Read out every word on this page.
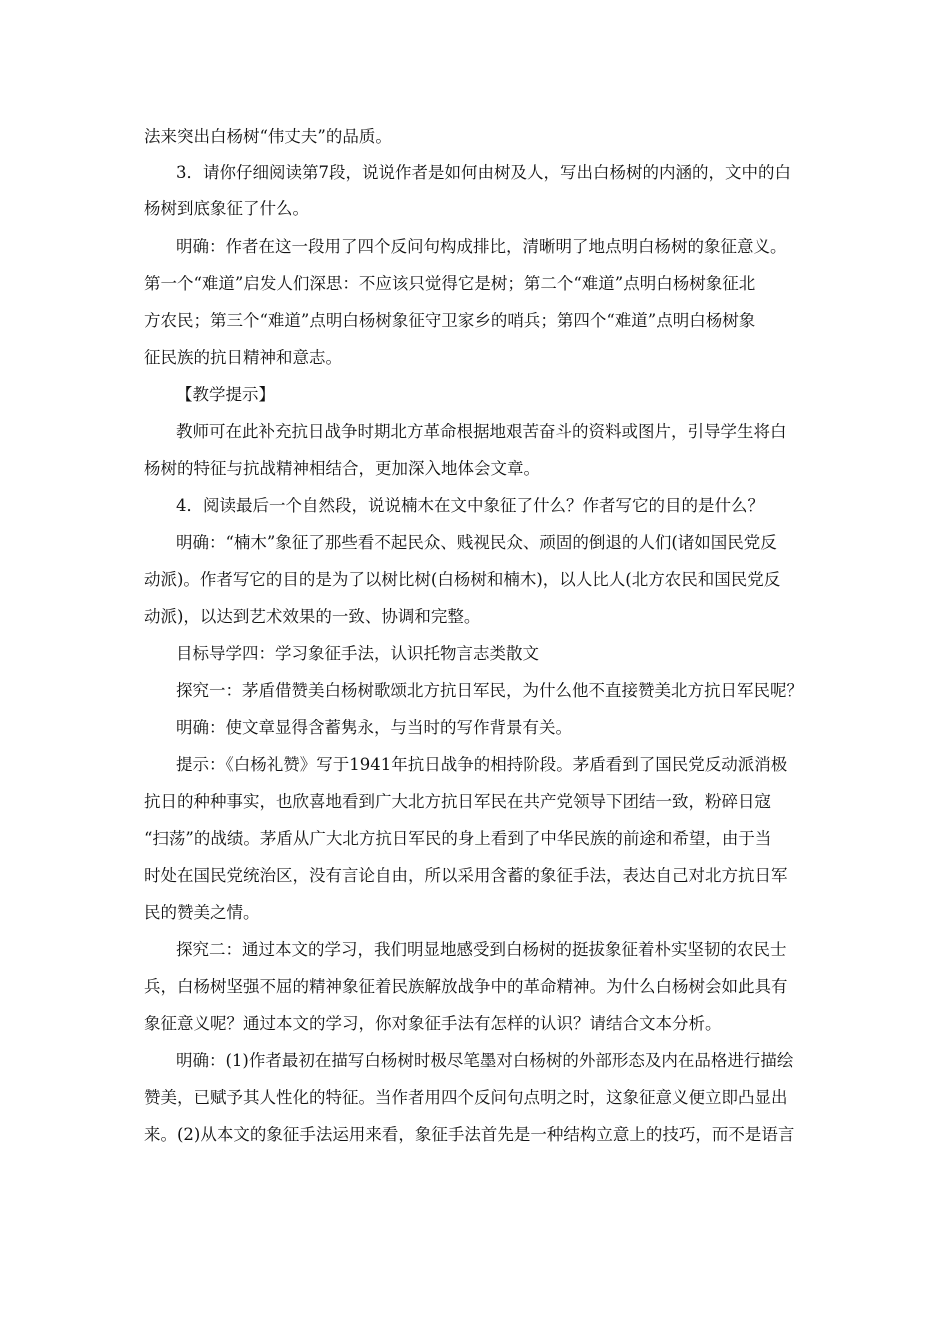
法来突出白杨树“伟丈夫”的品质。
3．请你仔细阅读第7段，说说作者是如何由树及人，写出白杨树的内涵的，文中的白
杨树到底象征了什么。
明确：作者在这一段用了四个反问句构成排比，清晰明了地点明白杨树的象征意义。
第一个“难道”启发人们深思：不应该只觉得它是树；第二个“难道”点明白杨树象征北
方农民；第三个“难道”点明白杨树象征守卫家乡的哨兵；第四个“难道”点明白杨树象
征民族的抗日精神和意志。
【教学提示】
教师可在此补充抗日战争时期北方革命根据地艰苦奋斗的资料或图片，引导学生将白
杨树的特征与抗战精神相结合，更加深入地体会文章。
4．阅读最后一个自然段，说说楠木在文中象征了什么？作者写它的目的是什么？
明确：“楠木”象征了那些看不起民众、贱视民众、顽固的倒退的人们(诸如国民党反
动派)。作者写它的目的是为了以树比树(白杨树和楠木)，以人比人(北方农民和国民党反
动派)，以达到艺术效果的一致、协调和完整。
目标导学四：学习象征手法，认识托物言志类散文
探究一：茅盾借赞美白杨树歌颂北方抗日军民，为什么他不直接赞美北方抗日军民呢？
明确：使文章显得含蓄隽永，与当时的写作背景有关。
提示：《白杨礼赞》写于1941年抗日战争的相持阶段。茅盾看到了国民党反动派消极
抗日的种种事实，也欣喜地看到广大北方抗日军民在共产党领导下团结一致，粉碎日寇
“扫荡”的战绩。茅盾从广大北方抗日军民的身上看到了中华民族的前途和希望，由于当
时处在国民党统治区，没有言论自由，所以采用含蓄的象征手法，表达自己对北方抗日军
民的赞美之情。
探究二：通过本文的学习，我们明显地感受到白杨树的挺拔象征着朴实坚韧的农民士
兵，白杨树坚强不屈的精神象征着民族解放战争中的革命精神。为什么白杨树会如此具有
象征意义呢？通过本文的学习，你对象征手法有怎样的认识？请结合文本分析。
明确：(1)作者最初在描写白杨树时极尽笔墨对白杨树的外部形态及内在品格进行描绘
赞美，已赋予其人性化的特征。当作者用四个反问句点明之时，这象征意义便立即凸显出
来。(2)从本文的象征手法运用来看，象征手法首先是一种结构立意上的技巧，而不是语言
